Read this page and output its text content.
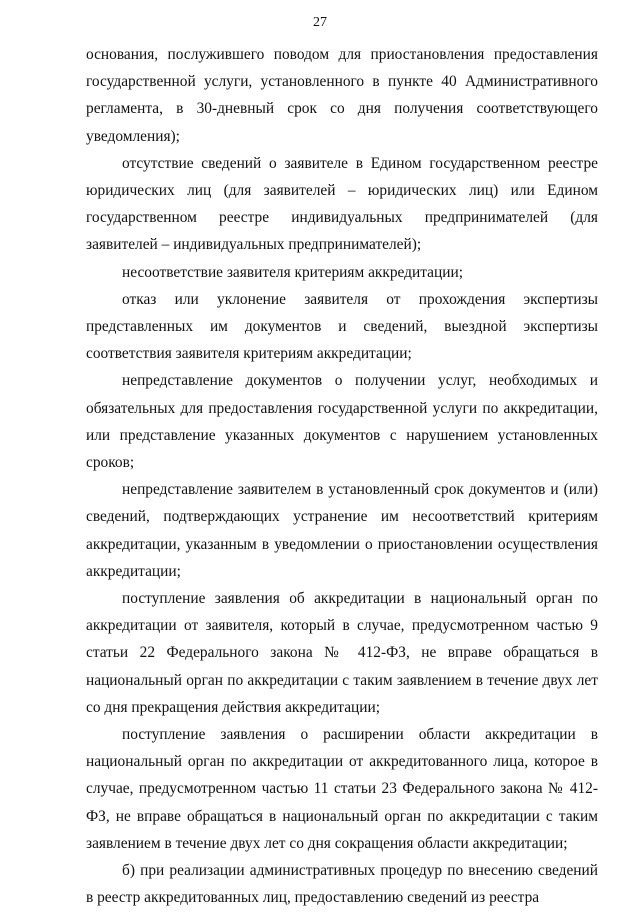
27

основания, послужившего поводом для приостановления предоставления государственной услуги, установленного в пункте 40 Административного регламента, в 30-дневный срок со дня получения соответствующего уведомления);

отсутствие сведений о заявителе в Едином государственном реестре юридических лиц (для заявителей – юридических лиц) или Едином государственном реестре индивидуальных предпринимателей (для заявителей – индивидуальных предпринимателей);

несоответствие заявителя критериям аккредитации;

отказ или уклонение заявителя от прохождения экспертизы представленных им документов и сведений, выездной экспертизы соответствия заявителя критериям аккредитации;

непредставление документов о получении услуг, необходимых и обязательных для предоставления государственной услуги по аккредитации, или представление указанных документов с нарушением установленных сроков;

непредставление заявителем в установленный срок документов и (или) сведений, подтверждающих устранение им несоответствий критериям аккредитации, указанным в уведомлении о приостановлении осуществления аккредитации;

поступление заявления об аккредитации в национальный орган по аккредитации от заявителя, который в случае, предусмотренном частью 9 статьи 22 Федерального закона № 412-ФЗ, не вправе обращаться в национальный орган по аккредитации с таким заявлением в течение двух лет со дня прекращения действия аккредитации;

поступление заявления о расширении области аккредитации в национальный орган по аккредитации от аккредитованного лица, которое в случае, предусмотренном частью 11 статьи 23 Федерального закона № 412-ФЗ, не вправе обращаться в национальный орган по аккредитации с таким заявлением в течение двух лет со дня сокращения области аккредитации;

б) при реализации административных процедур по внесению сведений в реестр аккредитованных лиц, предоставлению сведений из реестра
